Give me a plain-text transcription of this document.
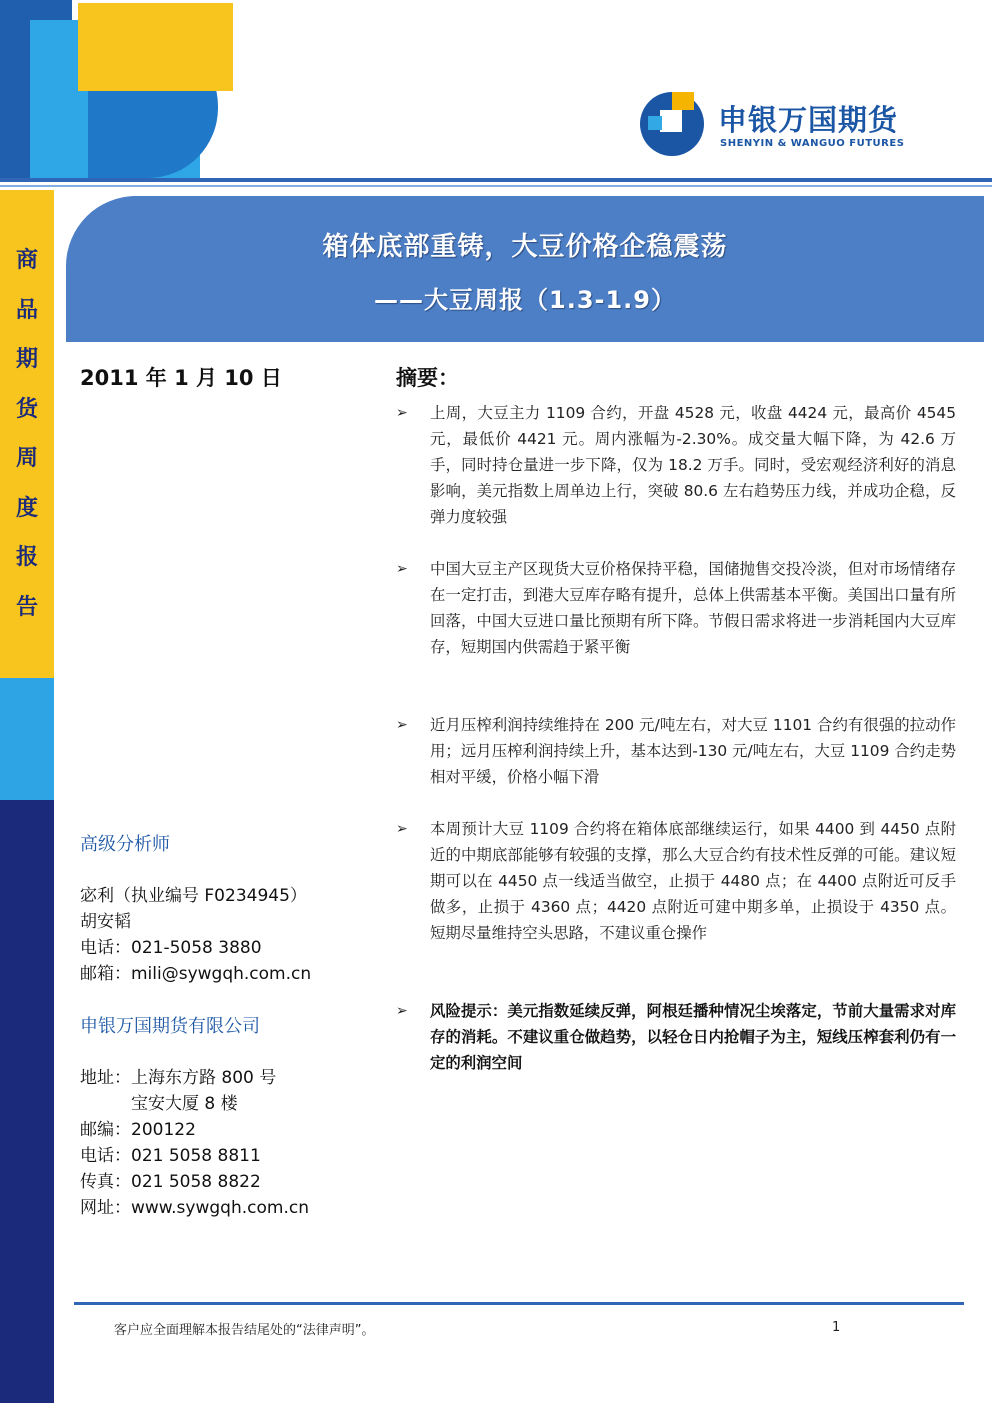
申银万国期货
SHENYIN & WANGUO FUTURES
商
品
期
货
周
度
报
告
箱体底部重铸，大豆价格企稳震荡
——大豆周报（1.3-1.9）
2011 年 1 月 10 日
高级分析师
宓利（执业编号 F0234945）
胡安韬
电话：021-5058 3880
邮箱：mili@sywgqh.com.cn
申银万国期货有限公司
地址：上海东方路 800 号
　　　宝安大厦 8 楼
邮编：200122
电话：021 5058 8811
传真：021 5058 8822
网址：www.sywgqh.com.cn
摘要：
➢	上周，大豆主力 1109 合约，开盘 4528 元，收盘 4424 元，最高价 4545 元，最低价 4421 元。周内涨幅为-2.30%。成交量大幅下降，为 42.6 万手，同时持仓量进一步下降，仅为 18.2 万手。同时，受宏观经济利好的消息影响，美元指数上周单边上行，突破 80.6 左右趋势压力线，并成功企稳，反弹力度较强
➢	中国大豆主产区现货大豆价格保持平稳，国储抛售交投冷淡，但对市场情绪存在一定打击，到港大豆库存略有提升，总体上供需基本平衡。美国出口量有所回落，中国大豆进口量比预期有所下降。节假日需求将进一步消耗国内大豆库存，短期国内供需趋于紧平衡
➢	近月压榨利润持续维持在 200 元/吨左右，对大豆 1101 合约有很强的拉动作用；远月压榨利润持续上升，基本达到-130 元/吨左右，大豆 1109 合约走势相对平缓，价格小幅下滑
➢	本周预计大豆 1109 合约将在箱体底部继续运行，如果 4400 到 4450 点附近的中期底部能够有较强的支撑，那么大豆合约有技术性反弹的可能。建议短期可以在 4450 点一线适当做空，止损于 4480 点；在 4400 点附近可反手做多，止损于 4360 点；4420 点附近可建中期多单，止损设于 4350 点。短期尽量维持空头思路，不建议重仓操作
➢	风险提示：美元指数延续反弹，阿根廷播种情况尘埃落定，节前大量需求对库存的消耗。不建议重仓做趋势，以轻仓日内抢帽子为主，短线压榨套利仍有一定的利润空间
客户应全面理解本报告结尾处的“法律声明”。	1
